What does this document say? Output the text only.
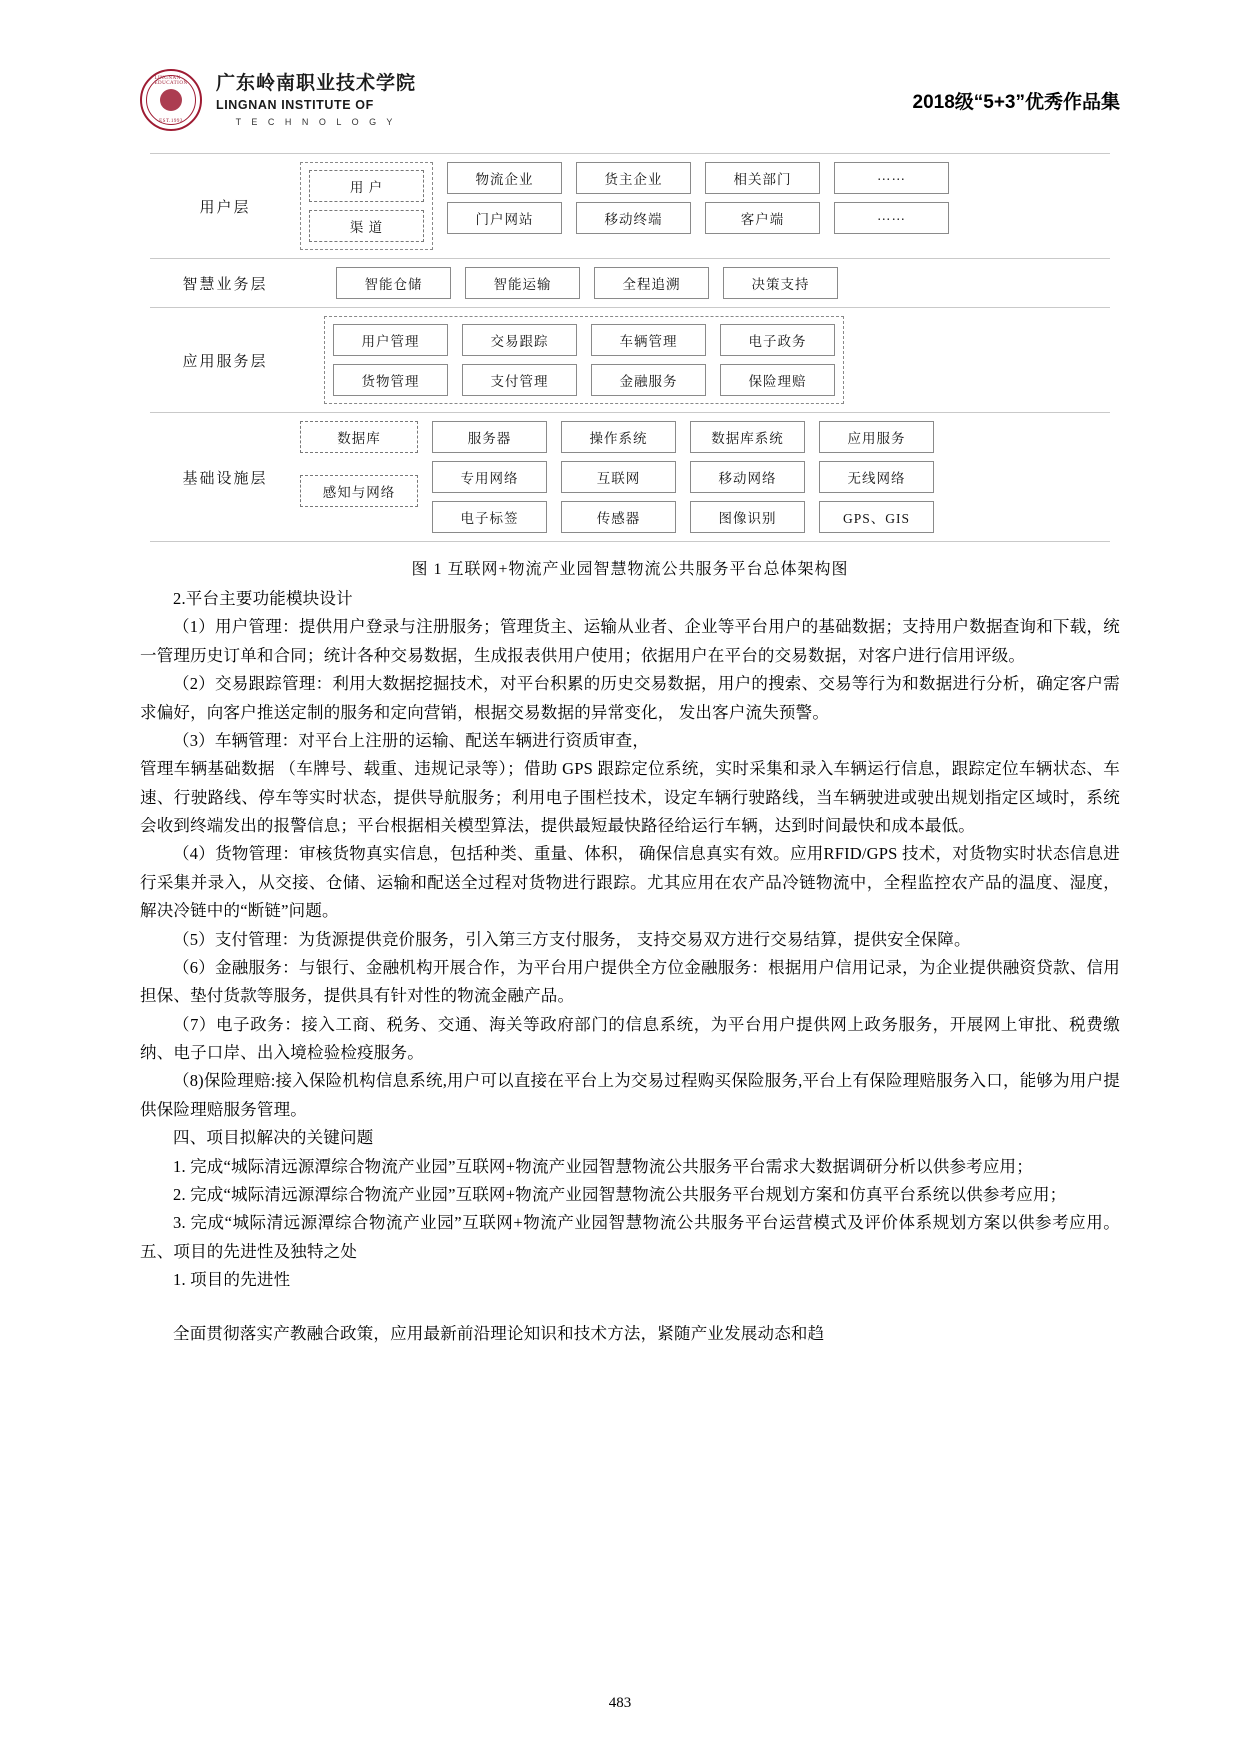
LINGNAN EDUCATION
EST.1993
广东岭南职业技术学院
LINGNAN INSTITUTE OF
T E C H N O L O G Y
2018级“5+3”优秀作品集
用户层
用 户
渠 道
物流企业	货主企业	相关部门	……
门户网站	移动终端	客户端	……
智慧业务层	智能仓储	智能运输	全程追溯	决策支持
应用服务层
用户管理	交易跟踪	车辆管理	电子政务
货物管理	支付管理	金融服务	保险理赔
基础设施层
数据库
感知与网络
服务器	操作系统	数据库系统	应用服务
专用网络	互联网	移动网络	无线网络
电子标签	传感器	图像识别	GPS、GIS
图 1 互联网+物流产业园智慧物流公共服务平台总体架构图

2.平台主要功能模块设计

（1）用户管理：提供用户登录与注册服务；管理货主、运输从业者、企业等平台用户的基础数据；支持用户数据查询和下载，统一管理历史订单和合同；统计各种交易数据，生成报表供用户使用；依据用户在平台的交易数据，对客户进行信用评级。

（2）交易跟踪管理：利用大数据挖掘技术，对平台积累的历史交易数据，用户的搜索、交易等行为和数据进行分析，确定客户需求偏好，向客户推送定制的服务和定向营销，根据交易数据的异常变化， 发出客户流失预警。

（3）车辆管理：对平台上注册的运输、配送车辆进行资质审查，

管理车辆基础数据 （车牌号、载重、违规记录等）；借助 GPS 跟踪定位系统，实时采集和录入车辆运行信息，跟踪定位车辆状态、车速、行驶路线、停车等实时状态，提供导航服务；利用电子围栏技术，设定车辆行驶路线，当车辆驶进或驶出规划指定区域时，系统会收到终端发出的报警信息；平台根据相关模型算法，提供最短最快路径给运行车辆，达到时间最快和成本最低。

（4）货物管理：审核货物真实信息，包括种类、重量、体积， 确保信息真实有效。应用RFID/GPS 技术，对货物实时状态信息进行采集并录入，从交接、仓储、运输和配送全过程对货物进行跟踪。尤其应用在农产品冷链物流中，全程监控农产品的温度、湿度，解决冷链中的“断链”问题。

（5）支付管理：为货源提供竞价服务，引入第三方支付服务， 支持交易双方进行交易结算，提供安全保障。

（6）金融服务：与银行、金融机构开展合作，为平台用户提供全方位金融服务：根据用户信用记录，为企业提供融资贷款、信用担保、垫付货款等服务，提供具有针对性的物流金融产品。

（7）电子政务：接入工商、税务、交通、海关等政府部门的信息系统，为平台用户提供网上政务服务，开展网上审批、税费缴纳、电子口岸、出入境检验检疫服务。

（8)保险理赔:接入保险机构信息系统,用户可以直接在平台上为交易过程购买保险服务,平台上有保险理赔服务入口，能够为用户提供保险理赔服务管理。

四、项目拟解决的关键问题

1. 完成“城际清远源潭综合物流产业园”互联网+物流产业园智慧物流公共服务平台需求大数据调研分析以供参考应用；

2. 完成“城际清远源潭综合物流产业园”互联网+物流产业园智慧物流公共服务平台规划方案和仿真平台系统以供参考应用；

3. 完成“城际清远源潭综合物流产业园”互联网+物流产业园智慧物流公共服务平台运营模式及评价体系规划方案以供参考应用。五、项目的先进性及独特之处

1. 项目的先进性

全面贯彻落实产教融合政策，应用最新前沿理论知识和技术方法，紧随产业发展动态和趋

483
